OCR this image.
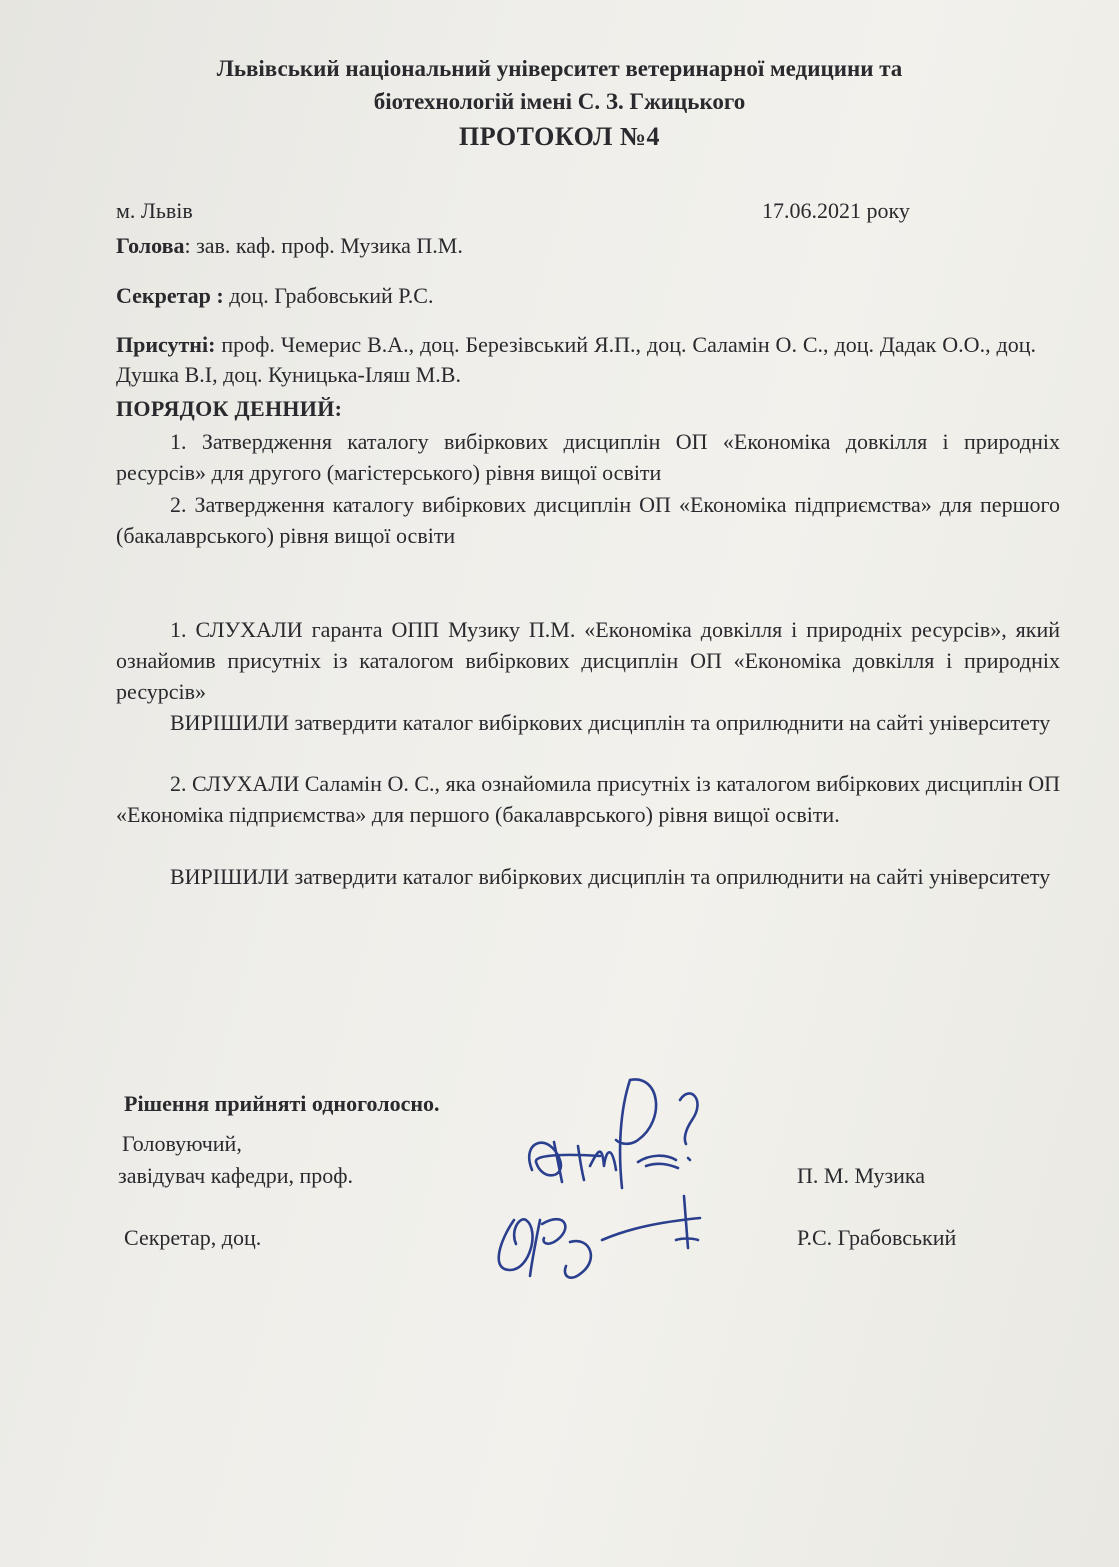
Львівський національний університет ветеринарної медицини та
біотехнологій імені С. З. Гжицького
ПРОТОКОЛ №4
м. Львів	17.06.2021 року
Голова: зав. каф. проф. Музика П.М.
Секретар : доц. Грабовський Р.С.
Присутні: проф. Чемерис В.А., доц. Березівський Я.П., доц. Саламін О. С., доц. Дадак О.О., доц. Душка В.І, доц. Куницька-Іляш М.В.
ПОРЯДОК ДЕННИЙ:
1. Затвердження каталогу вибіркових дисциплін ОП «Економіка довкілля і природніх ресурсів» для другого (магістерського) рівня вищої освіти
2. Затвердження каталогу вибіркових дисциплін ОП «Економіка підприємства» для першого (бакалаврського) рівня вищої освіти
1. СЛУХАЛИ гаранта ОПП Музику П.М. «Економіка довкілля і природніх ресурсів», який ознайомив присутніх із каталогом вибіркових дисциплін ОП «Економіка довкілля і природніх ресурсів»
ВИРІШИЛИ затвердити каталог вибіркових дисциплін та оприлюднити на сайті університету
2. СЛУХАЛИ Саламін О. С., яка ознайомила присутніх із каталогом вибіркових дисциплін ОП «Економіка підприємства» для першого (бакалаврського) рівня вищої освіти.
ВИРІШИЛИ затвердити каталог вибіркових дисциплін та оприлюднити на сайті університету
Рішення прийняті одноголосно.
Головуючий,
завідувач кафедри, проф.	П. М. Музика
Секретар, доц.	Р.С. Грабовський
